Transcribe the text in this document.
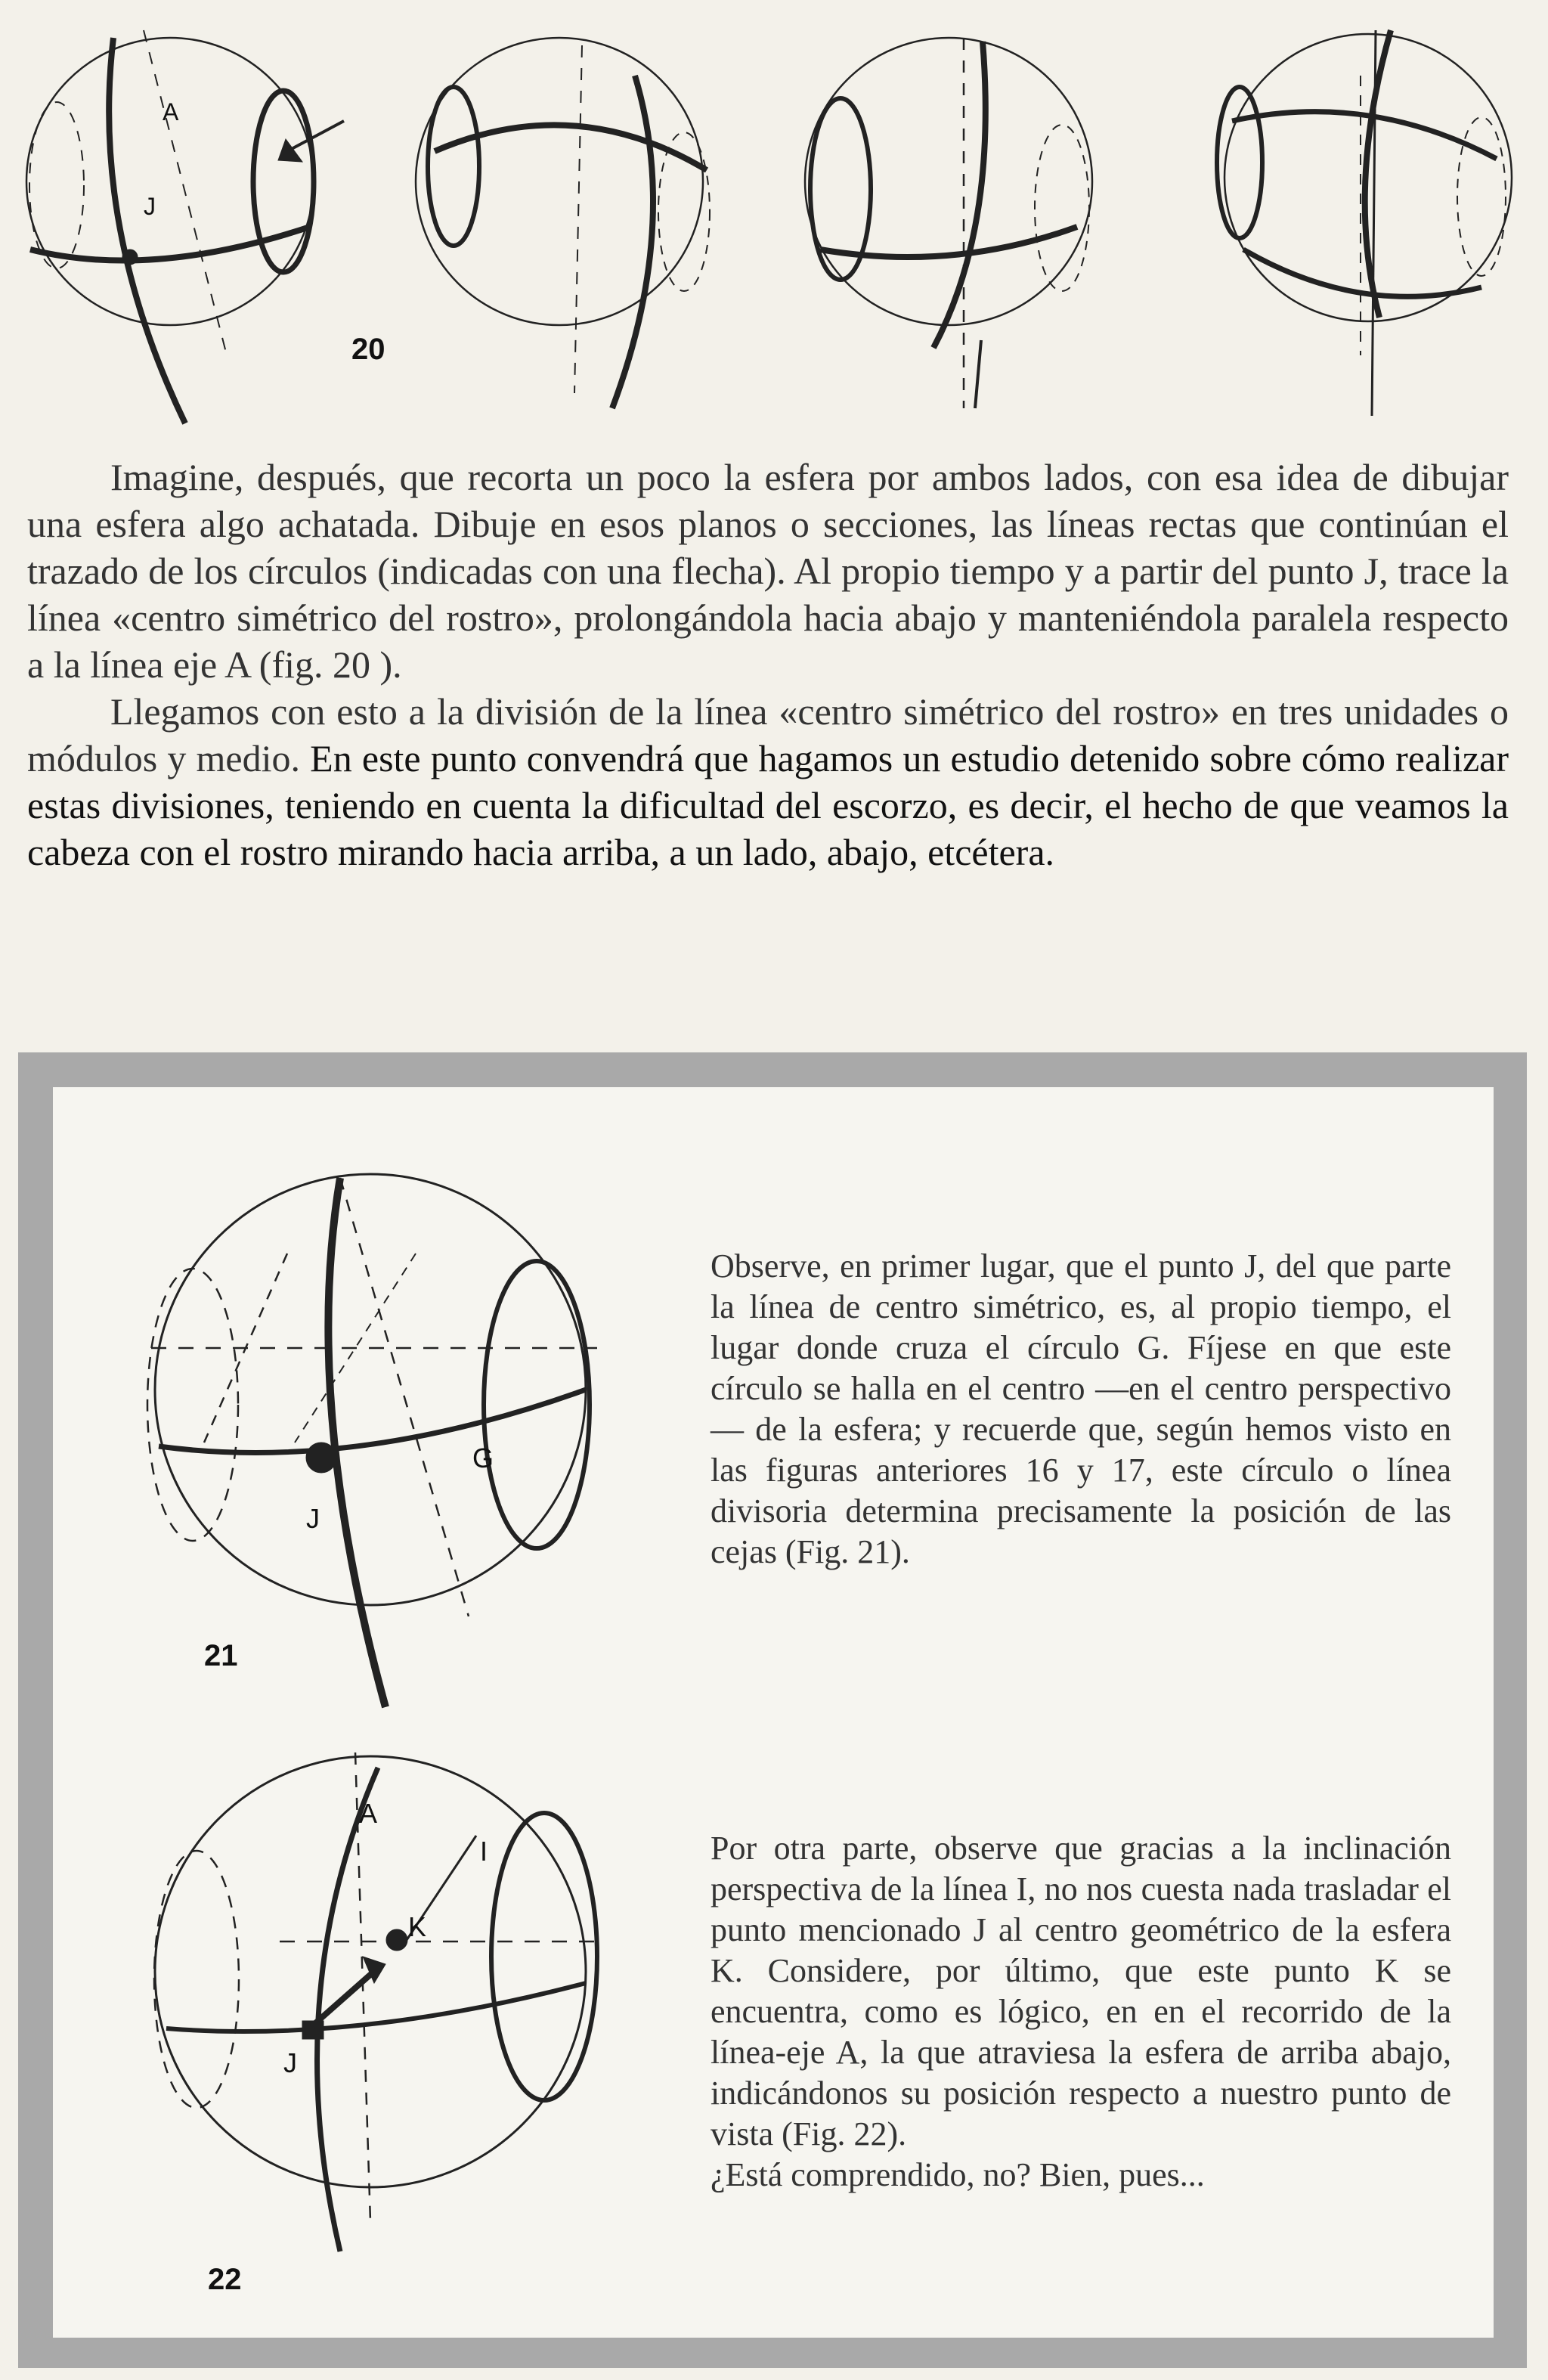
20
A
J

Imagine, después, que recorta un poco la esfera por ambos lados, con esa idea de dibujar una esfera algo achatada. Dibuje en esos planos o secciones, las líneas rectas que continúan el trazado de los círculos (indicadas con una flecha). Al propio tiempo y a partir del punto J, trace la línea «centro simétrico del rostro», prolongándola hacia abajo y manteniéndola paralela respecto a la línea eje A (fig. 20 ).

Llegamos con esto a la división de la línea «centro simétrico del rostro» en tres unidades o módulos y medio. En este punto convendrá que hagamos un estudio detenido sobre cómo realizar estas divisiones, teniendo en cuenta la dificultad del escorzo, es decir, el hecho de que veamos la cabeza con el rostro mirando hacia arriba, a un lado, abajo, etcétera.

21
G
J

Observe, en primer lugar, que el punto J, del que parte la línea de centro simétrico, es, al propio tiempo, el lugar donde cruza el círculo G. Fíjese en que este círculo se halla en el centro —en el centro perspectivo— de la esfera; y recuerde que, según hemos visto en las figuras anteriores 16 y 17, este círculo o línea divisoria determina precisamente la posición de las cejas (Fig. 21).

22
A
I
K
J

Por otra parte, observe que gracias a la inclinación perspectiva de la línea I, no nos cuesta nada trasladar el punto mencionado J al centro geométrico de la esfera K. Considere, por último, que este punto K se encuentra, como es lógico, en en el recorrido de la línea-eje A, la que atraviesa la esfera de arriba abajo, indicándonos su posición respecto a nuestro punto de vista (Fig. 22).

¿Está comprendido, no? Bien, pues...
